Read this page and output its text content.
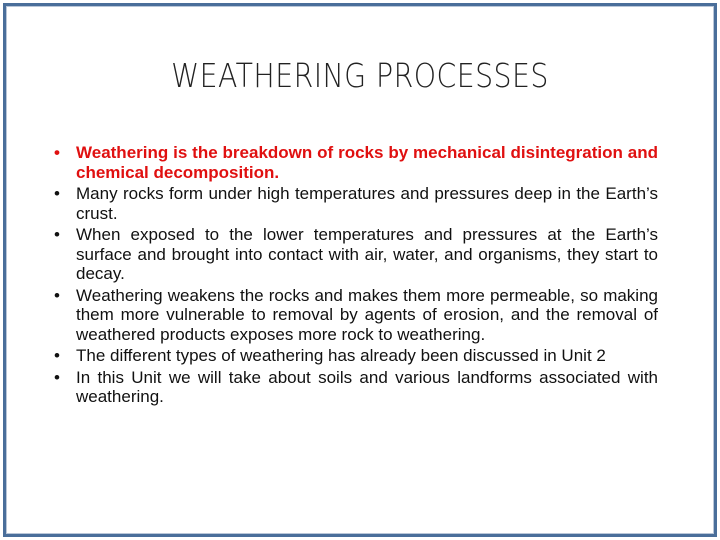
WEATHERING PROCESSES
• Weathering is the breakdown of rocks by mechanical disintegration and chemical decomposition.
• Many rocks form under high temperatures and pressures deep in the Earth’s crust.
• When exposed to the lower temperatures and pressures at the Earth’s surface and brought into contact with air, water, and organisms, they start to decay.
• Weathering weakens the rocks and makes them more permeable, so making them more vulnerable to removal by agents of erosion, and the removal of weathered products exposes more rock to weathering.
• The different types of weathering has already been discussed in Unit 2
• In this Unit we will take about soils and various landforms associated with weathering.
